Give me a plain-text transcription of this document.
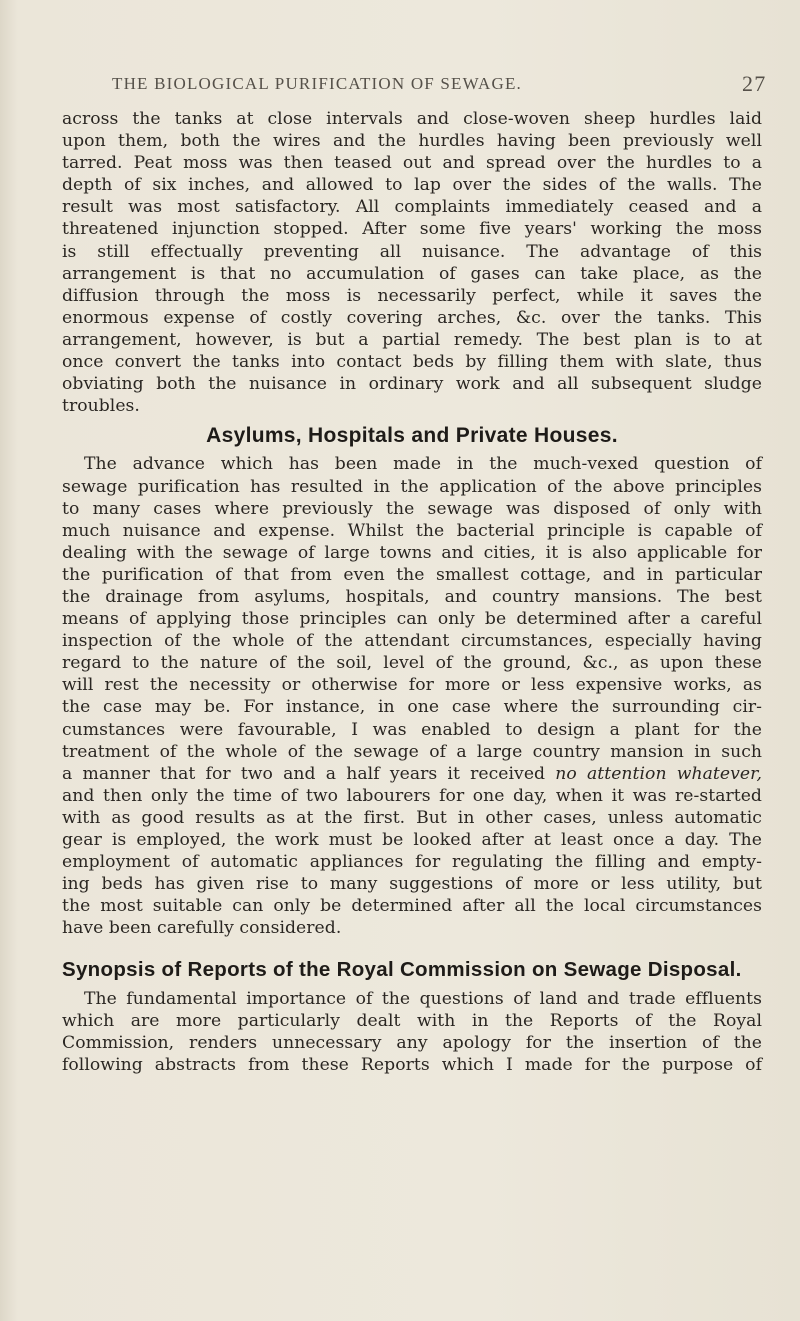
THE BIOLOGICAL PURIFICATION OF SEWAGE.	27

across the tanks at close intervals and close-woven sheep hurdles laid

upon them, both the wires and the hurdles having been previously well

tarred. Peat moss was then teased out and spread over the hurdles to a

depth of six inches, and allowed to lap over the sides of the walls. The

result was most satisfactory. All complaints immediately ceased and a

threatened injunction stopped. After some five years' working the moss

is still effectually preventing all nuisance. The advantage of this

arrangement is that no accumulation of gases can take place, as the

diffusion through the moss is necessarily perfect, while it saves the

enormous expense of costly covering arches, &c. over the tanks. This

arrangement, however, is but a partial remedy. The best plan is to at

once convert the tanks into contact beds by filling them with slate, thus

obviating both the nuisance in ordinary work and all subsequent sludge

troubles.

Asylums, Hospitals and Private Houses.

The advance which has been made in the much-vexed question of

sewage purification has resulted in the application of the above principles

to many cases where previously the sewage was disposed of only with

much nuisance and expense. Whilst the bacterial principle is capable of

dealing with the sewage of large towns and cities, it is also applicable for

the purification of that from even the smallest cottage, and in particular

the drainage from asylums, hospitals, and country mansions. The best

means of applying those principles can only be determined after a careful

inspection of the whole of the attendant circumstances, especially having

regard to the nature of the soil, level of the ground, &c., as upon these

will rest the necessity or otherwise for more or less expensive works, as

the case may be. For instance, in one case where the surrounding cir-

cumstances were favourable, I was enabled to design a plant for the

treatment of the whole of the sewage of a large country mansion in such

a manner that for two and a half years it received no attention whatever,

and then only the time of two labourers for one day, when it was re-started

with as good results as at the first. But in other cases, unless automatic

gear is employed, the work must be looked after at least once a day. The

employment of automatic appliances for regulating the filling and empty-

ing beds has given rise to many suggestions of more or less utility, but

the most suitable can only be determined after all the local circumstances

have been carefully considered.

Synopsis of Reports of the Royal Commission on Sewage Disposal.

The fundamental importance of the questions of land and trade effluents

which are more particularly dealt with in the Reports of the Royal

Commission, renders unnecessary any apology for the insertion of the

following abstracts from these Reports which I made for the purpose of
